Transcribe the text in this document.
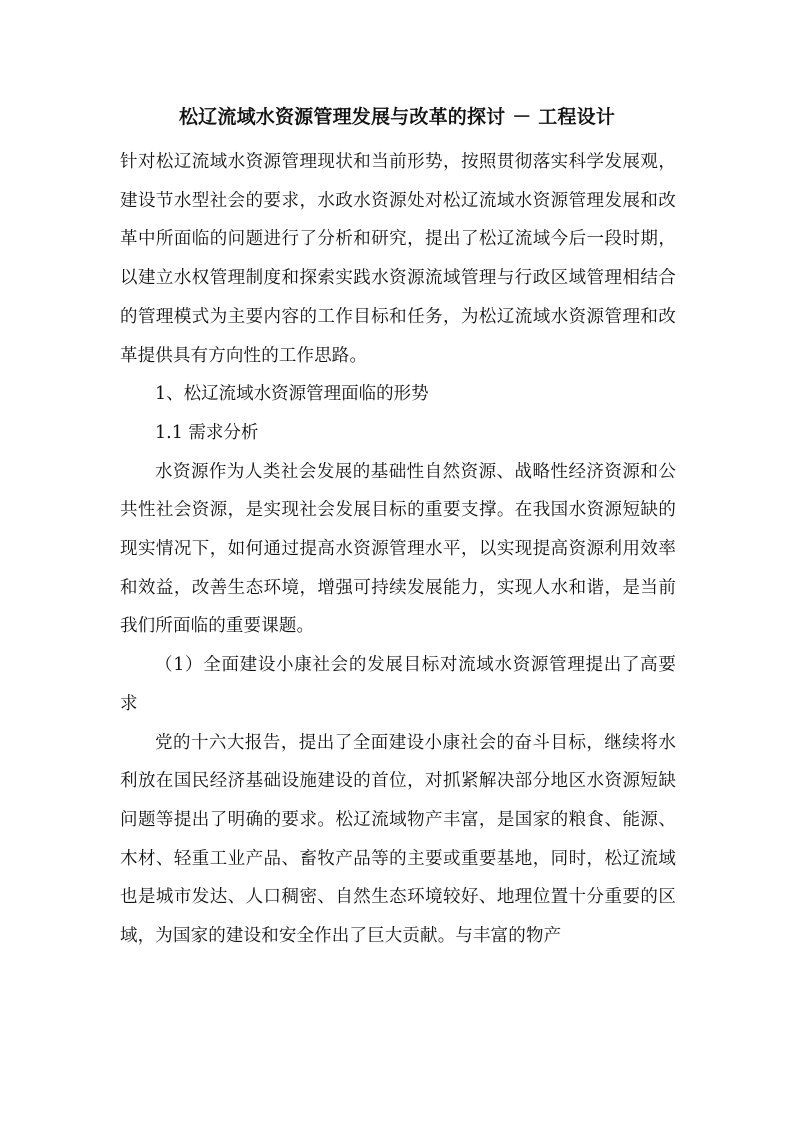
松辽流域水资源管理发展与改革的探讨 － 工程设计

针对松辽流域水资源管理现状和当前形势，按照贯彻落实科学发展观，建设节水型社会的要求，水政水资源处对松辽流域水资源管理发展和改革中所面临的问题进行了分析和研究，提出了松辽流域今后一段时期，以建立水权管理制度和探索实践水资源流域管理与行政区域管理相结合的管理模式为主要内容的工作目标和任务，为松辽流域水资源管理和改革提供具有方向性的工作思路。

1、松辽流域水资源管理面临的形势

1.1 需求分析

水资源作为人类社会发展的基础性自然资源、战略性经济资源和公共性社会资源，是实现社会发展目标的重要支撑。在我国水资源短缺的现实情况下，如何通过提高水资源管理水平，以实现提高资源利用效率和效益，改善生态环境，增强可持续发展能力，实现人水和谐，是当前我们所面临的重要课题。

（1）全面建设小康社会的发展目标对流域水资源管理提出了高要求

党的十六大报告，提出了全面建设小康社会的奋斗目标，继续将水利放在国民经济基础设施建设的首位，对抓紧解决部分地区水资源短缺问题等提出了明确的要求。松辽流域物产丰富，是国家的粮食、能源、木材、轻重工业产品、畜牧产品等的主要或重要基地，同时，松辽流域也是城市发达、人口稠密、自然生态环境较好、地理位置十分重要的区域，为国家的建设和安全作出了巨大贡献。与丰富的物产
